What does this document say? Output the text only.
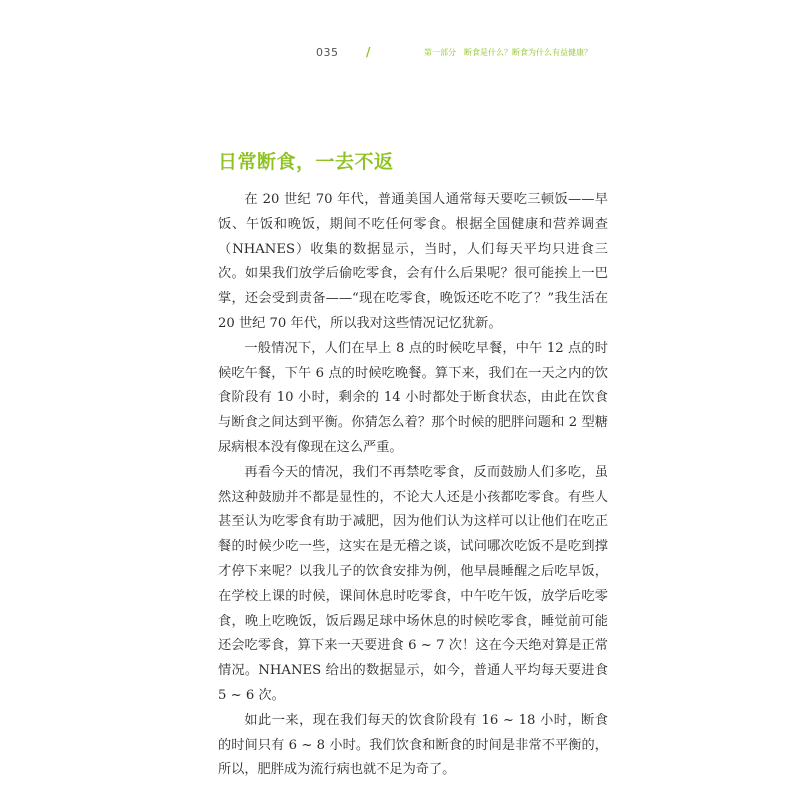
035 /	第一部分　断食是什么？断食为什么有益健康？
日常断食，一去不返

在 20 世纪 70 年代，普通美国人通常每天要吃三顿饭——早饭、午饭和晚饭，期间不吃任何零食。根据全国健康和营养调查（NHANES）收集的数据显示，当时，人们每天平均只进食三次。如果我们放学后偷吃零食，会有什么后果呢？很可能挨上一巴掌，还会受到责备——“现在吃零食，晚饭还吃不吃了？”我生活在 20 世纪 70 年代，所以我对这些情况记忆犹新。

一般情况下，人们在早上 8 点的时候吃早餐，中午 12 点的时候吃午餐，下午 6 点的时候吃晚餐。算下来，我们在一天之内的饮食阶段有 10 小时，剩余的 14 小时都处于断食状态，由此在饮食与断食之间达到平衡。你猜怎么着？那个时候的肥胖问题和 2 型糖尿病根本没有像现在这么严重。

再看今天的情况，我们不再禁吃零食，反而鼓励人们多吃，虽然这种鼓励并不都是显性的，不论大人还是小孩都吃零食。有些人甚至认为吃零食有助于减肥，因为他们认为这样可以让他们在吃正餐的时候少吃一些，这实在是无稽之谈，试问哪次吃饭不是吃到撑才停下来呢？以我儿子的饮食安排为例，他早晨睡醒之后吃早饭，在学校上课的时候，课间休息时吃零食，中午吃午饭，放学后吃零食，晚上吃晚饭，饭后踢足球中场休息的时候吃零食，睡觉前可能还会吃零食，算下来一天要进食 6 ~ 7 次！这在今天绝对算是正常情况。NHANES 给出的数据显示，如今，普通人平均每天要进食 5 ~ 6 次。

如此一来，现在我们每天的饮食阶段有 16 ~ 18 小时，断食的时间只有 6 ~ 8 小时。我们饮食和断食的时间是非常不平衡的，所以，肥胖成为流行病也就不足为奇了。
